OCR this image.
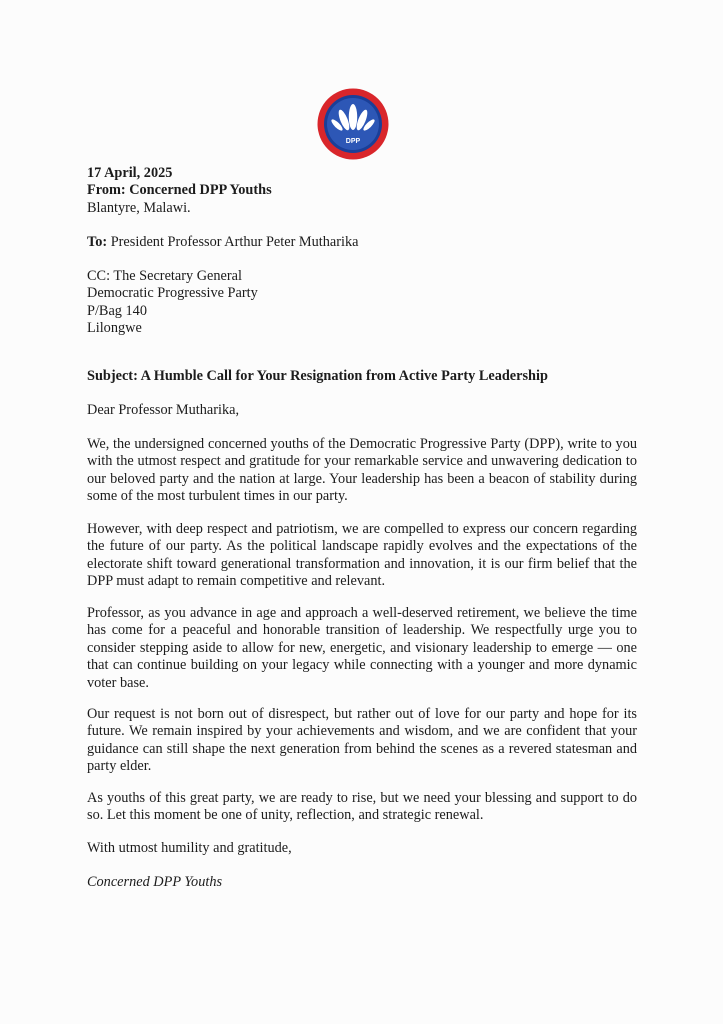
DPP
17 April, 2025
From: Concerned DPP Youths
Blantyre, Malawi.
To: President Professor Arthur Peter Mutharika
CC: The Secretary General
Democratic Progressive Party
P/Bag 140
Lilongwe
Subject: A Humble Call for Your Resignation from Active Party Leadership
Dear Professor Mutharika,
We, the undersigned concerned youths of the Democratic Progressive Party (DPP), write to you with the utmost respect and gratitude for your remarkable service and unwavering dedication to our beloved party and the nation at large. Your leadership has been a beacon of stability during some of the most turbulent times in our party.
However, with deep respect and patriotism, we are compelled to express our concern regarding the future of our party. As the political landscape rapidly evolves and the expectations of the electorate shift toward generational transformation and innovation, it is our firm belief that the DPP must adapt to remain competitive and relevant.
Professor, as you advance in age and approach a well-deserved retirement, we believe the time has come for a peaceful and honorable transition of leadership. We respectfully urge you to consider stepping aside to allow for new, energetic, and visionary leadership to emerge — one that can continue building on your legacy while connecting with a younger and more dynamic voter base.
Our request is not born out of disrespect, but rather out of love for our party and hope for its future. We remain inspired by your achievements and wisdom, and we are confident that your guidance can still shape the next generation from behind the scenes as a revered statesman and party elder.
As youths of this great party, we are ready to rise, but we need your blessing and support to do so. Let this moment be one of unity, reflection, and strategic renewal.
With utmost humility and gratitude,
Concerned DPP Youths
